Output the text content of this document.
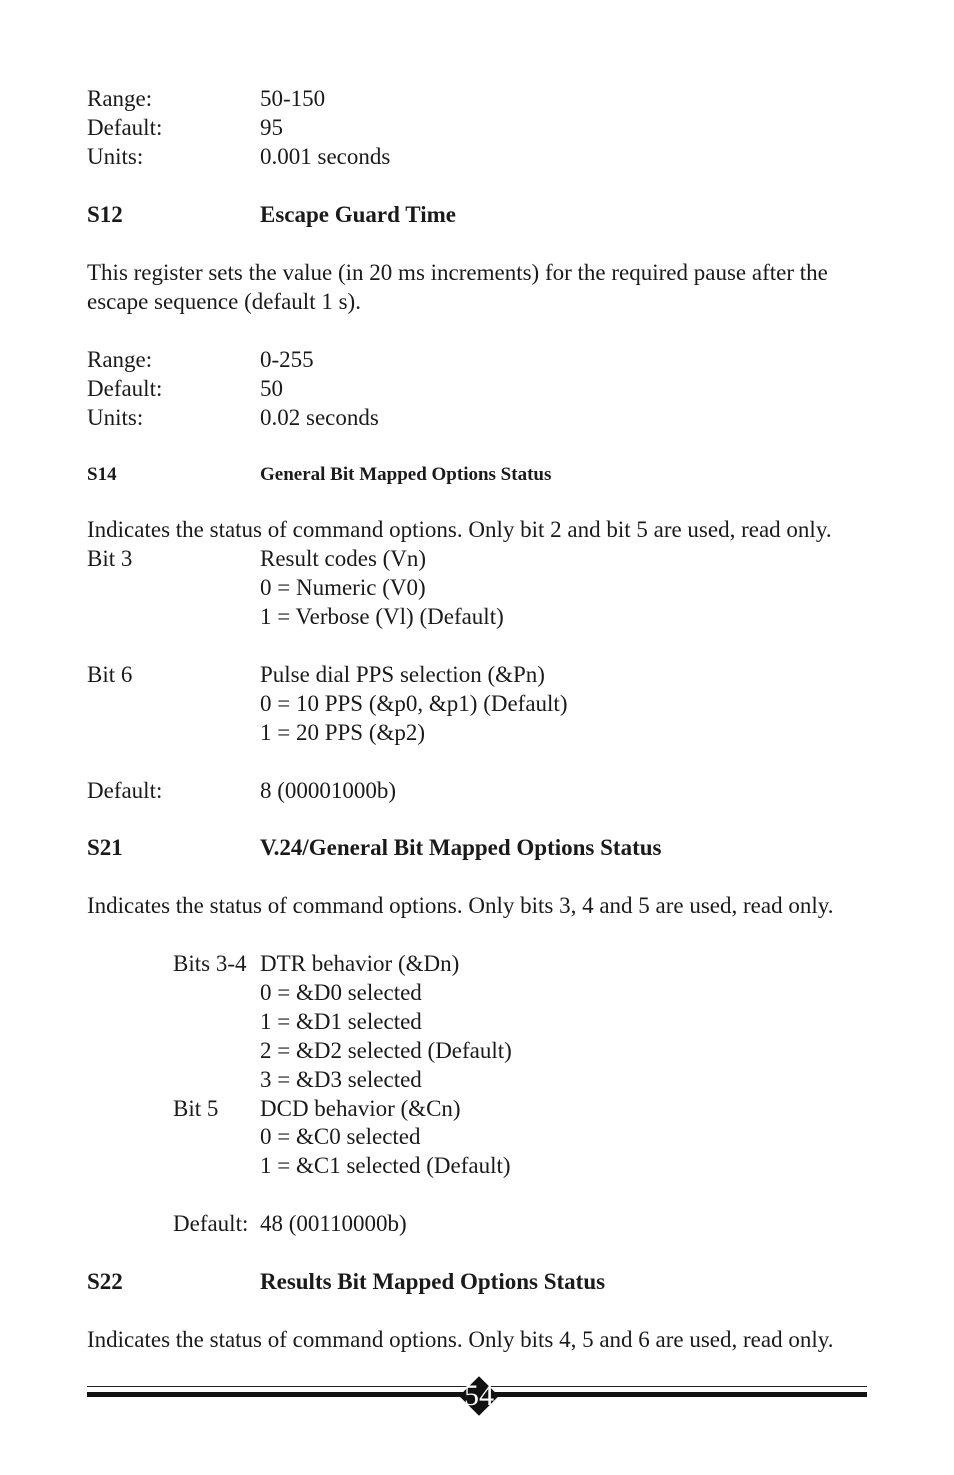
Range:	50-150
Default:	95
Units:	0.001 seconds
S12	Escape Guard Time
This register sets the value (in 20 ms increments) for the required pause after the escape sequence (default 1 s).
Range:	0-255
Default:	50
Units:	0.02 seconds
S14	General Bit Mapped Options Status
Indicates the status of command options. Only bit 2 and bit 5 are used, read only.
Bit 3	Result codes (Vn)
0 = Numeric (V0)
1 = Verbose (Vl) (Default)
Bit 6	Pulse dial PPS selection (&Pn)
0 = 10 PPS (&p0, &p1) (Default)
1 = 20 PPS (&p2)
Default:	8 (00001000b)
S21	V.24/General Bit Mapped Options Status
Indicates the status of command options. Only bits 3, 4 and 5 are used, read only.
Bits 3-4 DTR behavior (&Dn)
0 = &D0 selected
1 = &D1 selected
2 = &D2 selected (Default)
3 = &D3 selected
Bit 5 DCD behavior (&Cn)
0 = &C0 selected
1 = &C1 selected (Default)
Default: 48 (00110000b)
S22	Results Bit Mapped Options Status
Indicates the status of command options. Only bits 4, 5 and 6 are used, read only.
54
